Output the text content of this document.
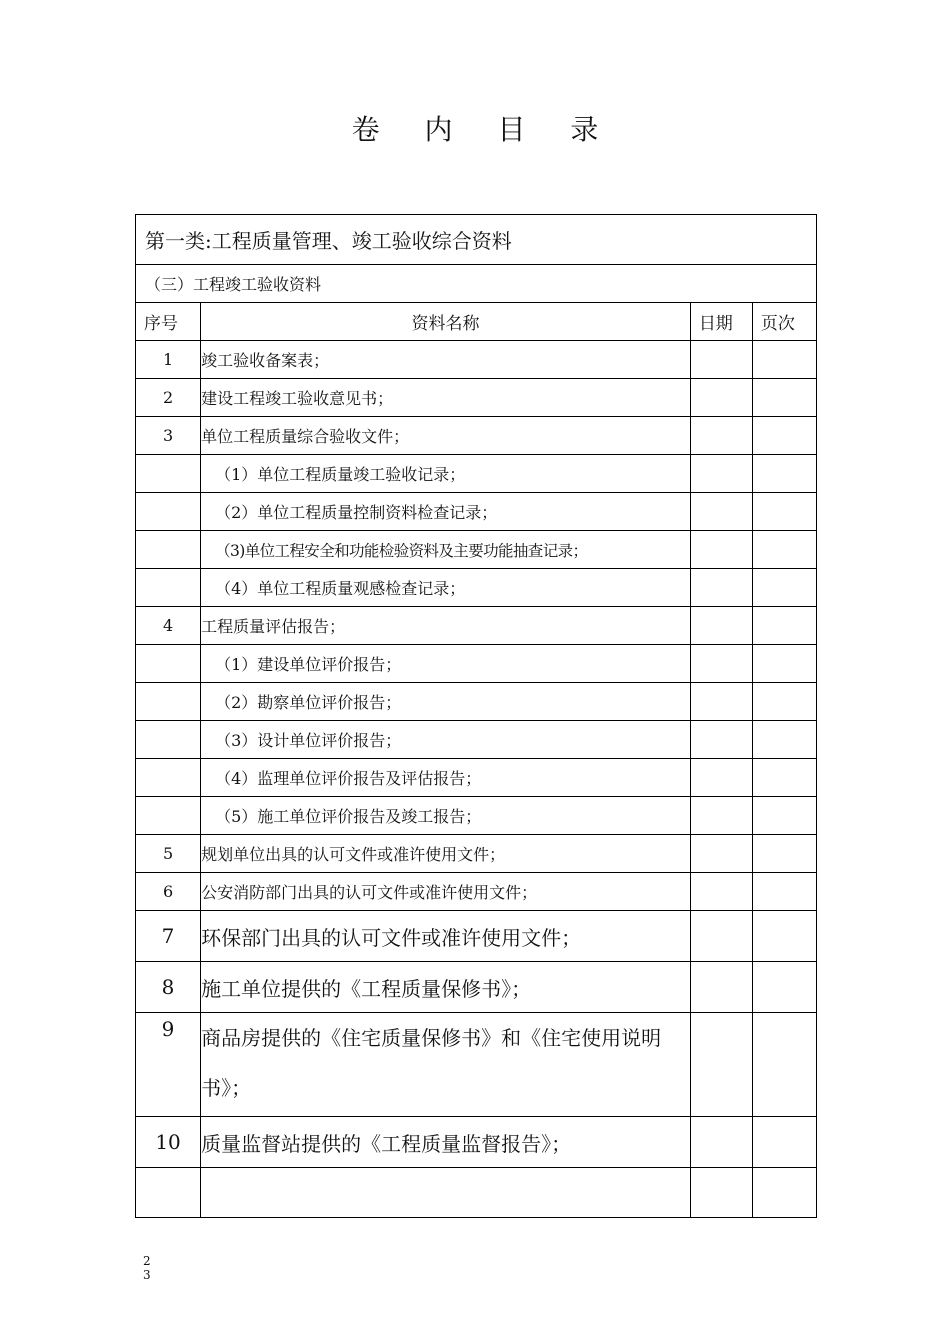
卷 内 目 录
第一类:工程质量管理、竣工验收综合资料			
（三）工程竣工验收资料			
序号	资料名称	日期	页次
1	竣工验收备案表；		
2	建设工程竣工验收意见书；		
3	单位工程质量综合验收文件；		
	（1）单位工程质量竣工验收记录；		
	（2）单位工程质量控制资料检查记录；		
	（3)单位工程安全和功能检验资料及主要功能抽查记录；		
	（4）单位工程质量观感检查记录；		
4	工程质量评估报告；		
	（1）建设单位评价报告；		
	（2）勘察单位评价报告；		
	（3）设计单位评价报告；		
	（4）监理单位评价报告及评估报告；		
	（5）施工单位评价报告及竣工报告；		
5	规划单位出具的认可文件或准许使用文件；		
6	公安消防部门出具的认可文件或准许使用文件；		
7	环保部门出具的认可文件或准许使用文件；		
8	施工单位提供的《工程质量保修书》；		
9	商品房提供的《住宅质量保修书》和《住宅使用说明书》；		
10	质量监督站提供的《工程质量监督报告》；		

2
3
